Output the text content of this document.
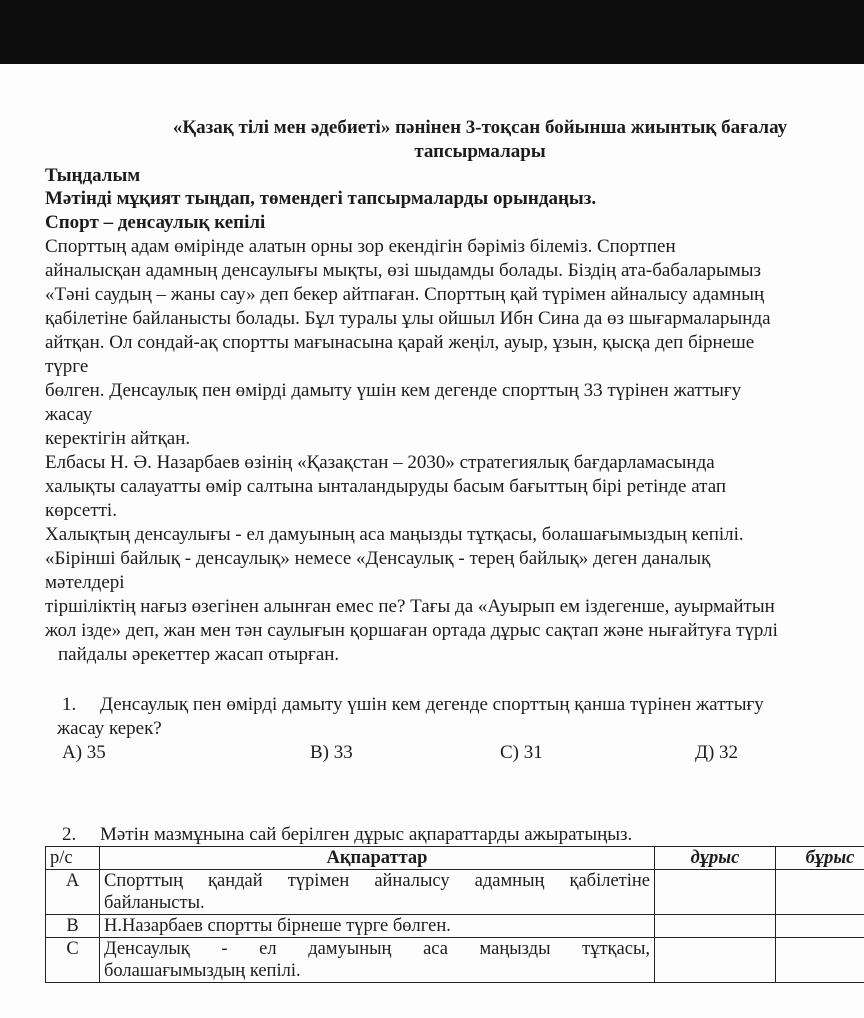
«Қазақ тілі мен әдебиеті» пәнінен 3-тоқсан бойынша жиынтық бағалау
тапсырмалары
Тыңдалым
Мәтінді мұқият тыңдап, төмендегі тапсырмаларды орындаңыз.
Спорт – денсаулық кепілі
Спорттың адам өмірінде алатын орны зор екендігін бәріміз білеміз. Спортпен
айналысқан адамның денсаулығы мықты, өзі шыдамды болады. Біздің ата-бабаларымыз
«Тәні саудың – жаны сау» деп бекер айтпаған. Спорттың қай түрімен айналысу адамның
қабілетіне байланысты болады. Бұл туралы ұлы ойшыл Ибн Сина да өз шығармаларында
айтқан. Ол сондай-ақ спортты мағынасына қарай жеңіл, ауыр, ұзын, қысқа деп бірнеше
түрге
бөлген. Денсаулық пен өмірді дамыту үшін кем дегенде спорттың 33 түрінен жаттығу
жасау
керектігін айтқан.
Елбасы Н. Ә. Назарбаев өзінің «Қазақстан – 2030» стратегиялық бағдарламасында
халықты салауатты өмір салтына ынталандыруды басым бағыттың бірі ретінде атап
көрсетті.
Халықтың денсаулығы - ел дамуының аса маңызды тұтқасы, болашағымыздың кепілі.
«Бірінші байлық - денсаулық» немесе «Денсаулық - терең байлық» деген даналық
мәтелдері
тіршіліктің нағыз өзегінен алынған емес пе? Тағы да «Ауырып ем іздегенше, ауырмайтын
жол ізде» деп, жан мен тән саулығын қоршаған ортада дұрыс сақтап және нығайтуға түрлі
пайдалы әрекеттер жасап отырған.
1. Денсаулық пен өмірді дамыту үшін кем дегенде спорттың қанша түрінен жаттығу
жасау керек?
А) 35	В) 33	С) 31	Д) 32
2. Мәтін мазмұнына сай берілген дұрыс ақпараттарды ажыратыңыз.
р/с	Ақпараттар	дұрыс	бұрыс
А	Спорттың қандай түрімен айналысу адамның қабілетіне
байланысты.		

В	Н.Назарбаев спортты бірнеше түрге бөлген.		

С	Денсаулық - ел дамуының аса маңызды тұтқасы,
болашағымыздың кепілі.		
